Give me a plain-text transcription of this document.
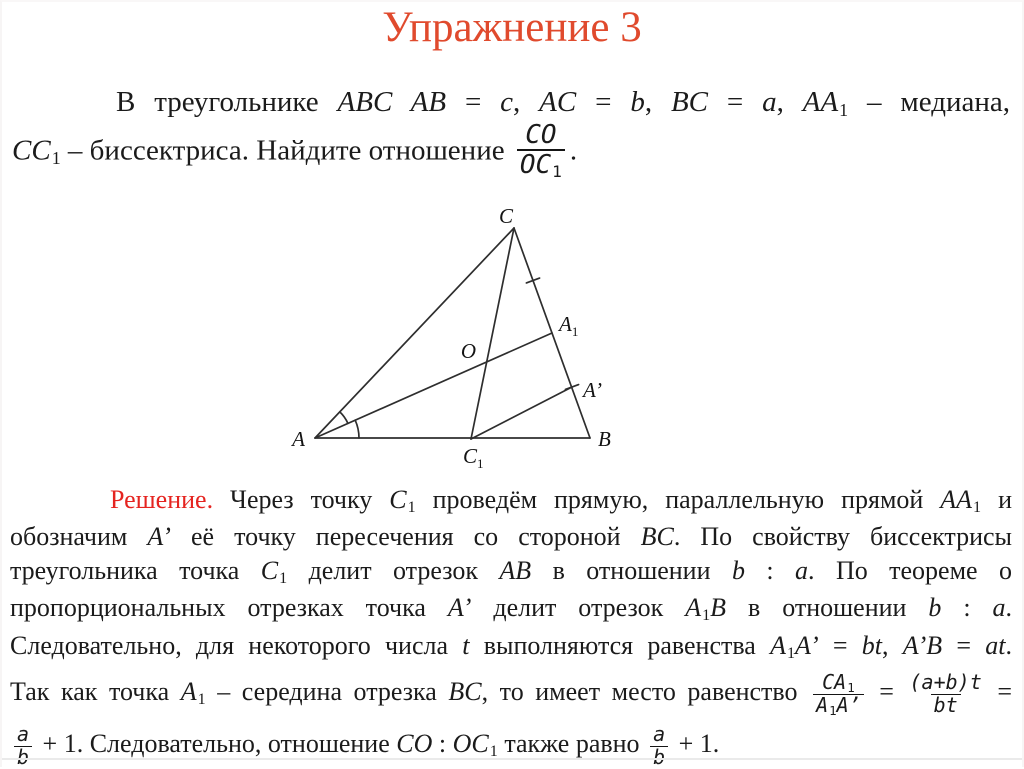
Упражнение 3
В треугольнике ABC AB = c, AC = b, BC = a, AA1 – медиана,
CC1 – биссектриса. Найдите отношение $\frac{CO}{OC1}$ .
C
A	B
$A_1$
A’
O
$C_1$
Решение. Через точку C1 проведём прямую, параллельную прямой AA1 и
обозначим A’ её точку пересечения со стороной BC. По свойству биссектрисы
треугольника точка C1 делит отрезок AB в отношении b : a. По теореме о
пропорциональных отрезках точка A’ делит отрезок A1B в отношении b : a.
Следовательно, для некоторого числа t выполняются равенства A1A’ = bt, A’B = at.
Так как точка A1 – середина отрезка BC, то имеет место равенство $\frac{CA1}{A1A’} = \frac{(a+b)t}{bt}$ =
$\frac{a}{b} + 1$. Следовательно, отношение CO : OC1 также равно $\frac{a}{b} + 1$.
